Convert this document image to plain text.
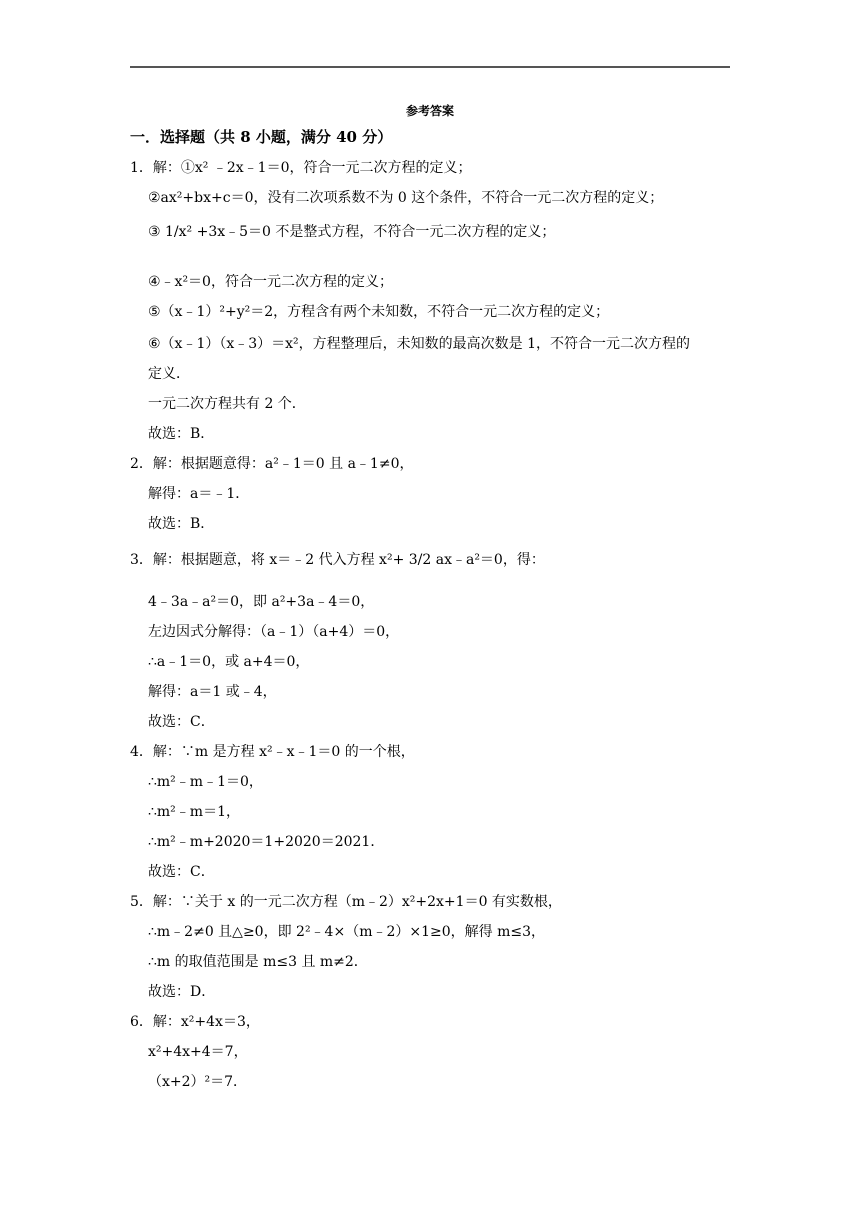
参考答案
一．选择题（共 8 小题，满分 40 分）
1．解：①x² ﹣2x﹣1＝0，符合一元二次方程的定义；
②ax²+bx+c＝0，没有二次项系数不为 0 这个条件，不符合一元二次方程的定义；
③ 1/x² +3x﹣5＝0 不是整式方程，不符合一元二次方程的定义；
④﹣x²＝0，符合一元二次方程的定义；
⑤（x﹣1）²+y²＝2，方程含有两个未知数，不符合一元二次方程的定义；
⑥（x﹣1）（x﹣3）＝x²，方程整理后，未知数的最高次数是 1，不符合一元二次方程的
定义．
一元二次方程共有 2 个．
故选：B．
2．解：根据题意得：a²﹣1＝0 且 a﹣1≠0，
解得：a＝﹣1．
故选：B．
3．解：根据题意，将 x＝﹣2 代入方程 x²+ 3/2 ax﹣a²＝0，得：
4﹣3a﹣a²＝0，即 a²+3a﹣4＝0，
左边因式分解得：（a﹣1）（a+4）＝0，
∴a﹣1＝0，或 a+4＝0，
解得：a＝1 或﹣4，
故选：C．
4．解：∵m 是方程 x²﹣x﹣1＝0 的一个根，
∴m²﹣m﹣1＝0，
∴m²﹣m＝1，
∴m²﹣m+2020＝1+2020＝2021．
故选：C．
5．解：∵关于 x 的一元二次方程（m﹣2）x²+2x+1＝0 有实数根，
∴m﹣2≠0 且△≥0，即 2²﹣4×（m﹣2）×1≥0，解得 m≤3，
∴m 的取值范围是 m≤3 且 m≠2．
故选：D．
6．解：x²+4x＝3，
x²+4x+4＝7，
（x+2）²＝7．
